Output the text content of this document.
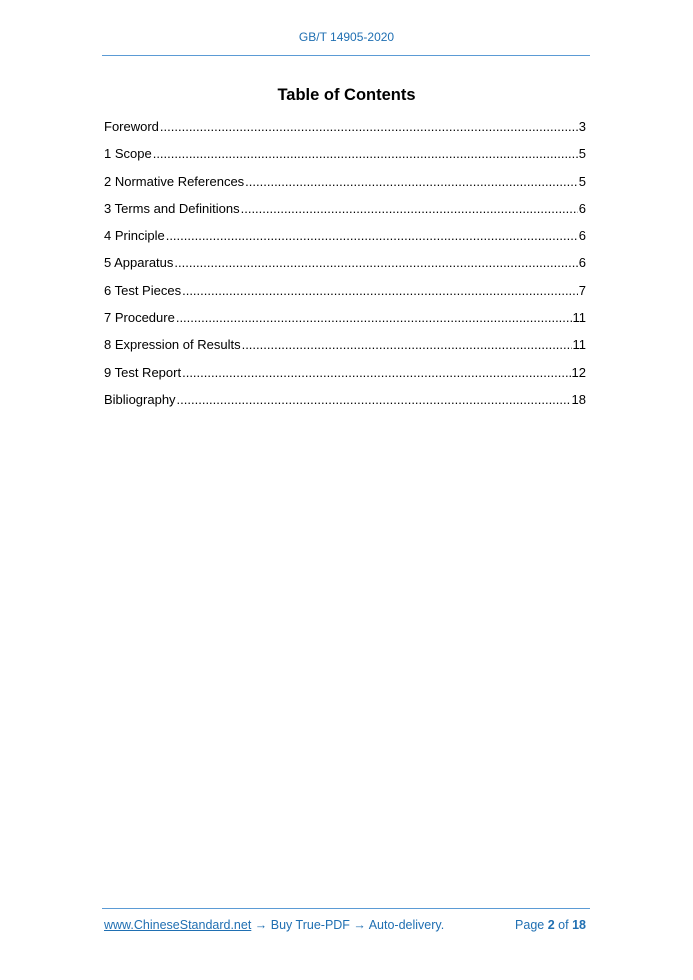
GB/T 14905-2020
Table of Contents
Foreword .....	3
1 Scope .....	5
2 Normative References .....	5
3 Terms and Definitions .....	6
4 Principle .....	6
5 Apparatus .....	6
6 Test Pieces .....	7
7 Procedure .....	11
8 Expression of Results .....	11
9 Test Report .....	12
Bibliography .....	18
www.ChineseStandard.net → Buy True-PDF → Auto-delivery.	Page 2 of 18
